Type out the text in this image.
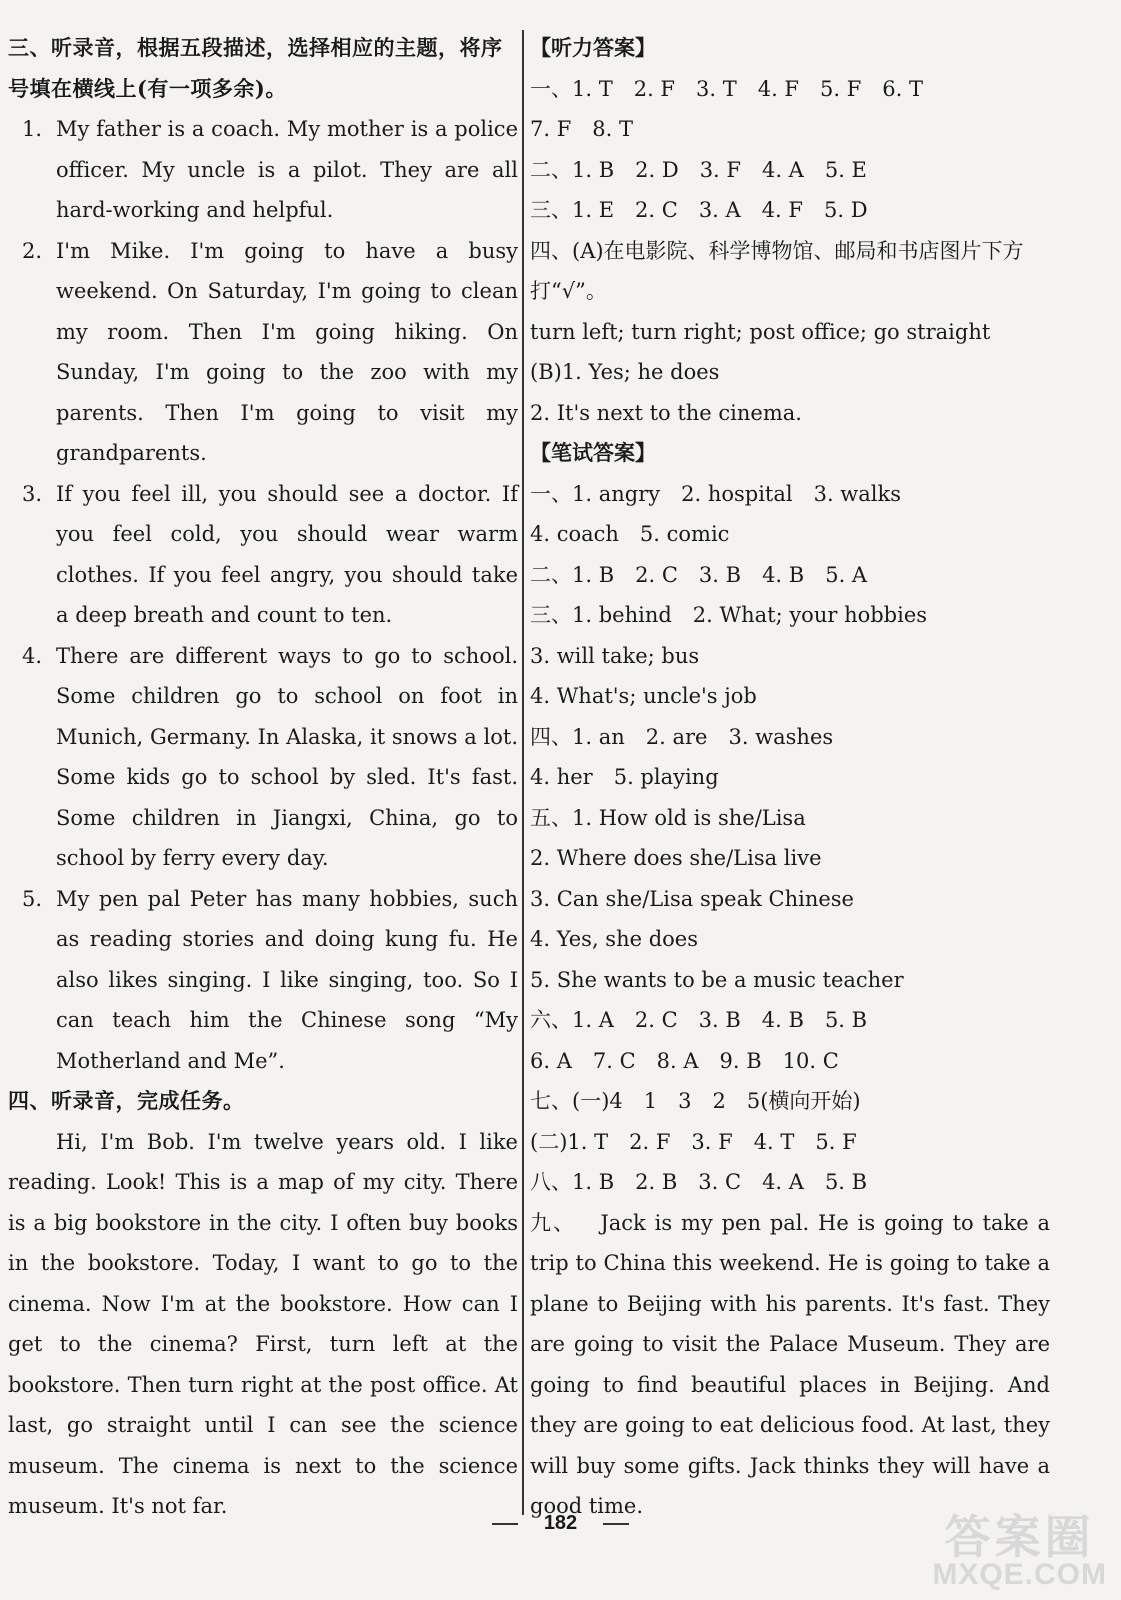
三、听录音，根据五段描述，选择相应的主题，将序号填在横线上(有一项多余)。
1. My father is a coach. My mother is a police officer. My uncle is a pilot. They are all hard-working and helpful.
2. I'm Mike. I'm going to have a busy weekend. On Saturday, I'm going to clean my room. Then I'm going hiking. On Sunday, I'm going to the zoo with my parents. Then I'm going to visit my grandparents.
3. If you feel ill, you should see a doctor. If you feel cold, you should wear warm clothes. If you feel angry, you should take a deep breath and count to ten.
4. There are different ways to go to school. Some children go to school on foot in Munich, Germany. In Alaska, it snows a lot. Some kids go to school by sled. It's fast. Some children in Jiangxi, China, go to school by ferry every day.
5. My pen pal Peter has many hobbies, such as reading stories and doing kung fu. He also likes singing. I like singing, too. So I can teach him the Chinese song “My Motherland and Me”.
四、听录音，完成任务。
Hi, I'm Bob. I'm twelve years old. I like reading. Look! This is a map of my city. There is a big bookstore in the city. I often buy books in the bookstore. Today, I want to go to the cinema. Now I'm at the bookstore. How can I get to the cinema? First, turn left at the bookstore. Then turn right at the post office. At last, go straight until I can see the science museum. The cinema is next to the science museum. It's not far.
【听力答案】
一、1. T　2. F　3. T　4. F　5. F　6. T
7. F　8. T
二、1. B　2. D　3. F　4. A　5. E
三、1. E　2. C　3. A　4. F　5. D
四、(A)在电影院、科学博物馆、邮局和书店图片下方打“√”。
turn left; turn right; post office; go straight
(B)1. Yes; he does
2. It's next to the cinema.
【笔试答案】
一、1. angry　2. hospital　3. walks
4. coach　5. comic
二、1. B　2. C　3. B　4. B　5. A
三、1. behind　2. What; your hobbies
3. will take; bus
4. What's; uncle's job
四、1. an　2. are　3. washes
4. her　5. playing
五、1. How old is she/Lisa
2. Where does she/Lisa live
3. Can she/Lisa speak Chinese
4. Yes, she does
5. She wants to be a music teacher
六、1. A　2. C　3. B　4. B　5. B
6. A　7. C　8. A　9. B　10. C
七、(一)4　1　3　2　5(横向开始)
(二)1. T　2. F　3. F　4. T　5. F
八、1. B　2. B　3. C　4. A　5. B
九、 Jack is my pen pal. He is going to take a trip to China this weekend. He is going to take a plane to Beijing with his parents. It's fast. They are going to visit the Palace Museum. They are going to find beautiful places in Beijing. And they are going to eat delicious food. At last, they will buy some gifts. Jack thinks they will have a good time.
182	答案圈
MXQE.COM
